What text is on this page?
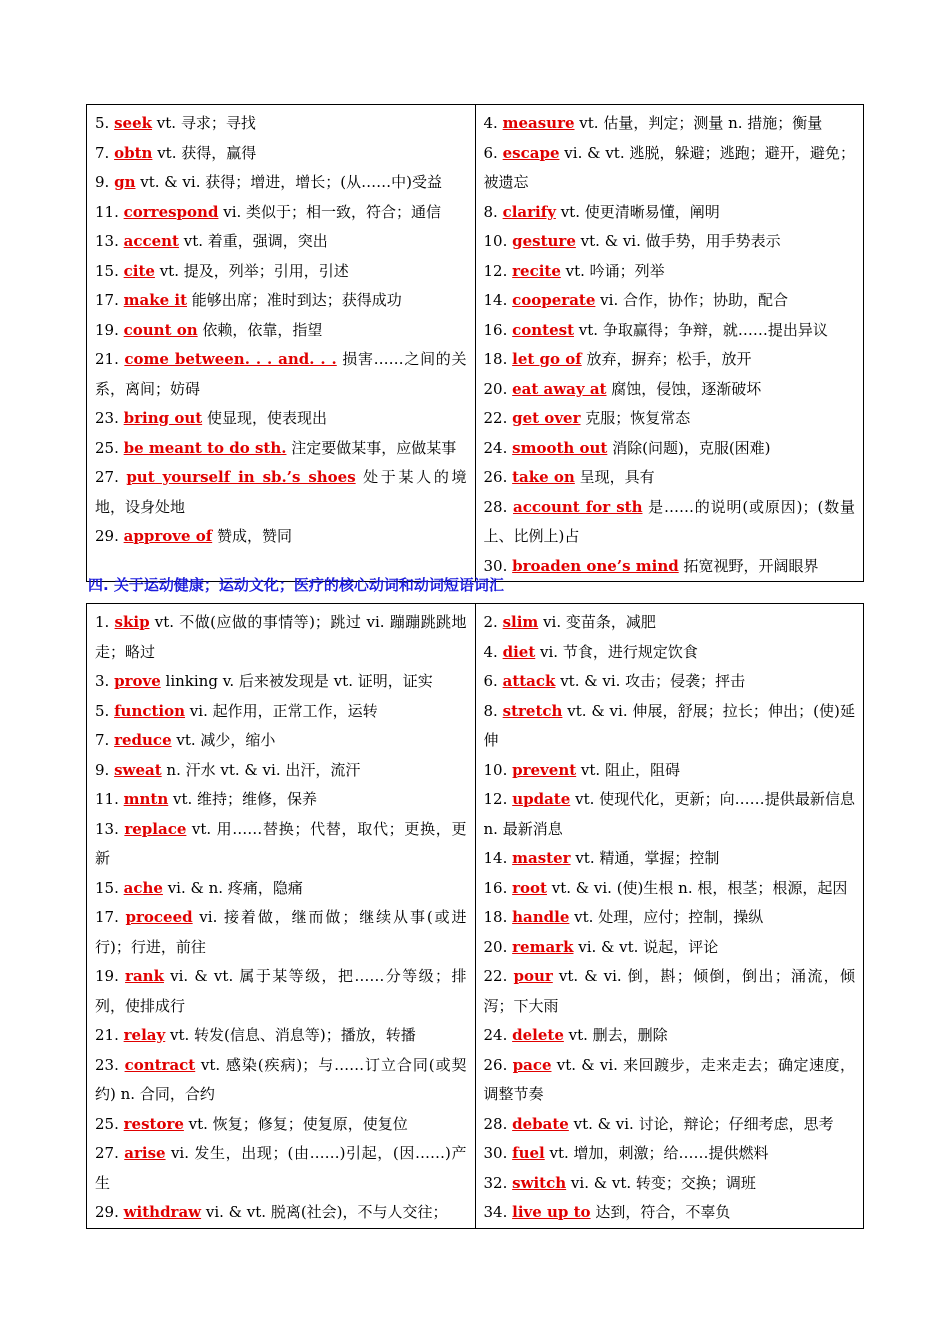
5. seek vt. 寻求；寻找
7. obtn vt. 获得，赢得
9. gn vt. & vi. 获得；增进，增长；(从……中)受益
11. correspond vi. 类似于；相一致，符合；通信
13. accent vt. 着重，强调，突出
15. cite vt. 提及，列举；引用，引述
17. make it 能够出席；准时到达；获得成功
19. count on 依赖，依靠，指望
21. come between. . . and. . . 损害……之间的关系，离间；妨碍
23. bring out 使显现，使表现出
25. be meant to do sth. 注定要做某事，应做某事
27. put yourself in sb.’s shoes 处于某人的境地，设身处地
29. approve of 赞成，赞同

4. measure vt. 估量，判定；测量 n. 措施；衡量
6. escape vi. & vt. 逃脱，躲避；逃跑；避开，避免；被遗忘
8. clarify vt. 使更清晰易懂，阐明
10. gesture vt. & vi. 做手势，用手势表示
12. recite vt. 吟诵；列举
14. cooperate vi. 合作，协作；协助，配合
16. contest vt. 争取赢得；争辩，就……提出异议
18. let go of 放弃，摒弃；松手，放开
20. eat away at 腐蚀，侵蚀，逐渐破坏
22. get over 克服；恢复常态
24. smooth out 消除(问题)，克服(困难)
26. take on 呈现，具有
28. account for sth 是……的说明(或原因)；(数量上、比例上)占
30. broaden one’s mind 拓宽视野，开阔眼界
四. 关于运动健康；运动文化；医疗的核心动词和动词短语词汇
1. skip vt. 不做(应做的事情等)；跳过 vi. 蹦蹦跳跳地走；略过
3. prove linking v. 后来被发现是 vt. 证明，证实
5. function vi. 起作用，正常工作，运转
7. reduce vt. 减少，缩小
9. sweat n. 汗水 vt. & vi. 出汗，流汗
11. mntn vt. 维持；维修，保养
13. replace vt. 用……替换；代替，取代；更换，更新
15. ache vi. & n. 疼痛，隐痛
17. proceed vi. 接着做，继而做；继续从事(或进行)；行进，前往
19. rank vi. & vt. 属于某等级，把……分等级；排列，使排成行
21. relay vt. 转发(信息、消息等)；播放，转播
23. contract vt. 感染(疾病)；与……订立合同(或契约) n. 合同，合约
25. restore vt. 恢复；修复；使复原，使复位
27. arise vi. 发生，出现；(由……)引起，(因……)产生
29. withdraw vi. & vt. 脱离(社会)，不与人交往；

2. slim vi. 变苗条，减肥
4. diet vi. 节食，进行规定饮食
6. attack vt. & vi. 攻击；侵袭；抨击
8. stretch vt. & vi. 伸展，舒展；拉长；伸出；(使)延伸
10. prevent vt. 阻止，阻碍
12. update vt. 使现代化，更新；向……提供最新信息 n. 最新消息
14. master vt. 精通，掌握；控制
16. root vt. & vi. (使)生根 n. 根，根茎；根源，起因
18. handle vt. 处理，应付；控制，操纵
20. remark vi. & vt. 说起，评论
22. pour vt. & vi. 倒，斟；倾倒，倒出；涌流，倾泻；下大雨
24. delete vt. 删去，删除
26. pace vt. & vi. 来回踱步，走来走去；确定速度，调整节奏
28. debate vt. & vi. 讨论，辩论；仔细考虑，思考
30. fuel vt. 增加，刺激；给……提供燃料
32. switch vi. & vt. 转变；交换；调班
34. live up to 达到，符合，不辜负
